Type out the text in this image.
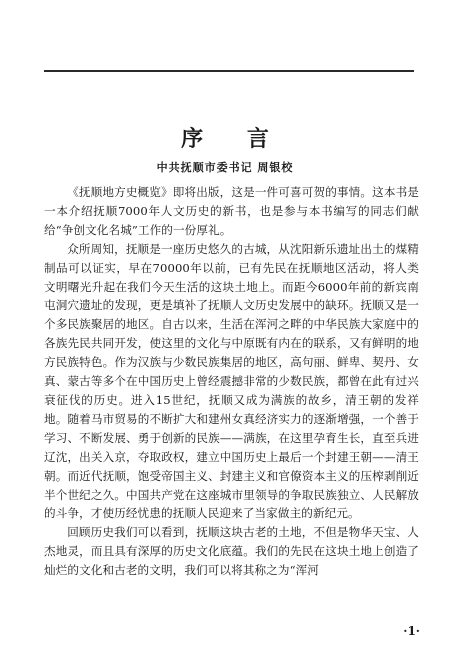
序 言
中共抚顺市委书记 周银校

《抚顺地方史概览》即将出版，这是一件可喜可贺的事情。这本书是一本介绍抚顺7000年人文历史的新书，也是参与本书编写的同志们献给“争创文化名城”工作的一份厚礼。

众所周知，抚顺是一座历史悠久的古城，从沈阳新乐遗址出土的煤精制品可以证实，早在70000年以前，已有先民在抚顺地区活动，将人类文明曙光升起在我们今天生活的这块土地上。而距今6000年前的新宾南屯洞穴遗址的发现，更是填补了抚顺人文历史发展中的缺环。抚顺又是一个多民族聚居的地区。自古以来，生活在浑河之畔的中华民族大家庭中的各族先民共同开发，使这里的文化与中原既有内在的联系，又有鲜明的地方民族特色。作为汉族与少数民族集居的地区，高句丽、鲜卑、契丹、女真、蒙古等多个在中国历史上曾经震撼非常的少数民族，都曾在此有过兴衰征伐的历史。进入15世纪，抚顺又成为满族的故乡，清王朝的发祥地。随着马市贸易的不断扩大和建州女真经济实力的逐渐增强，一个善于学习、不断发展、勇于创新的民族——满族，在这里孕育生长，直至兵进辽沈，出关入京，夺取政权，建立中国历史上最后一个封建王朝——清王朝。而近代抚顺，饱受帝国主义、封建主义和官僚资本主义的压榨剥削近半个世纪之久。中国共产党在这座城市里领导的争取民族独立、人民解放的斗争，才使历经忧患的抚顺人民迎来了当家做主的新纪元。

回顾历史我们可以看到，抚顺这块古老的土地，不但是物华天宝、人杰地灵，而且具有深厚的历史文化底蕴。我们的先民在这块土地上创造了灿烂的文化和古老的文明，我们可以将其称之为“浑河

·1·
